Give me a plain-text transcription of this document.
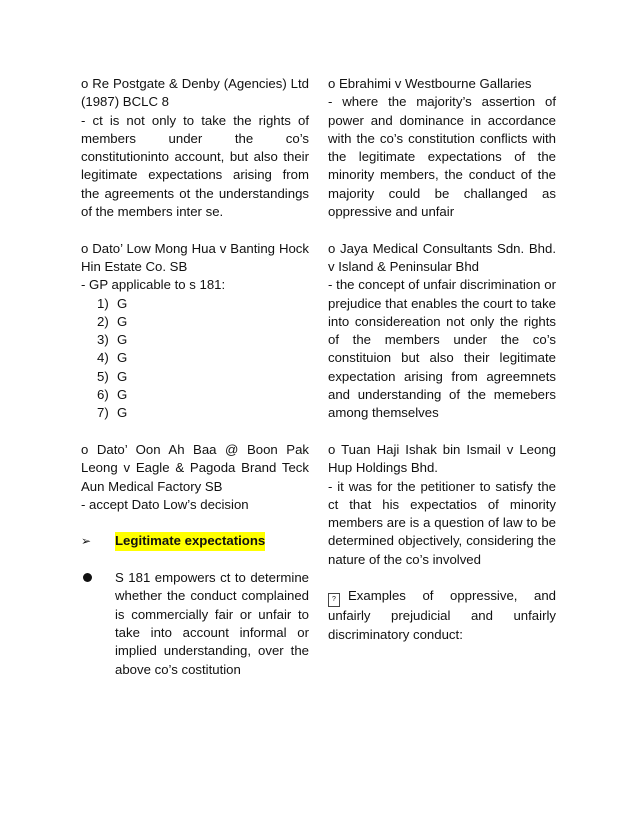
o Re Postgate & Denby (Agencies) Ltd (1987) BCLC 8

- ct is not only to take the rights of members under the co’s constitutioninto account, but also their legitimate expectations arising from the agreements ot the understandings of the members inter se.

o Dato’ Low Mong Hua v Banting Hock Hin Estate Co. SB

- GP applicable to s 181:

1) G
2) G
3) G
4) G
5) G
6) G
7) G

o Dato’ Oon Ah Baa @ Boon Pak Leong v Eagle & Pagoda Brand Teck Aun Medical Factory SB

- accept Dato Low’s decision

➢	Legitimate expectations
S 181 empowers ct to determine whether the conduct complained is commercially fair or unfair to take into account informal or implied understanding, over the above co’s costitution

o Ebrahimi v Westbourne Gallaries

- where the majority’s assertion of power and dominance in accordance with the co’s constitution conflicts with the legitimate expectations of the minority members, the conduct of the majority could be challanged as oppressive and unfair

o Jaya Medical Consultants Sdn. Bhd. v Island & Peninsular Bhd

- the concept of unfair discrimination or prejudice that enables the court to take into considereation not only the rights of the members under the co’s constituion but also their legitimate expectation arising from agreemnets and understanding of the memebers among themselves

o Tuan Haji Ishak bin Ismail v Leong Hup Holdings Bhd.

- it was for the petitioner to satisfy the ct that his expectatios of minority members are is a question of law to be determined objectively, considering the nature of the co’s involved

? Examples of oppressive, and unfairly prejudicial and unfairly discriminatory conduct:
